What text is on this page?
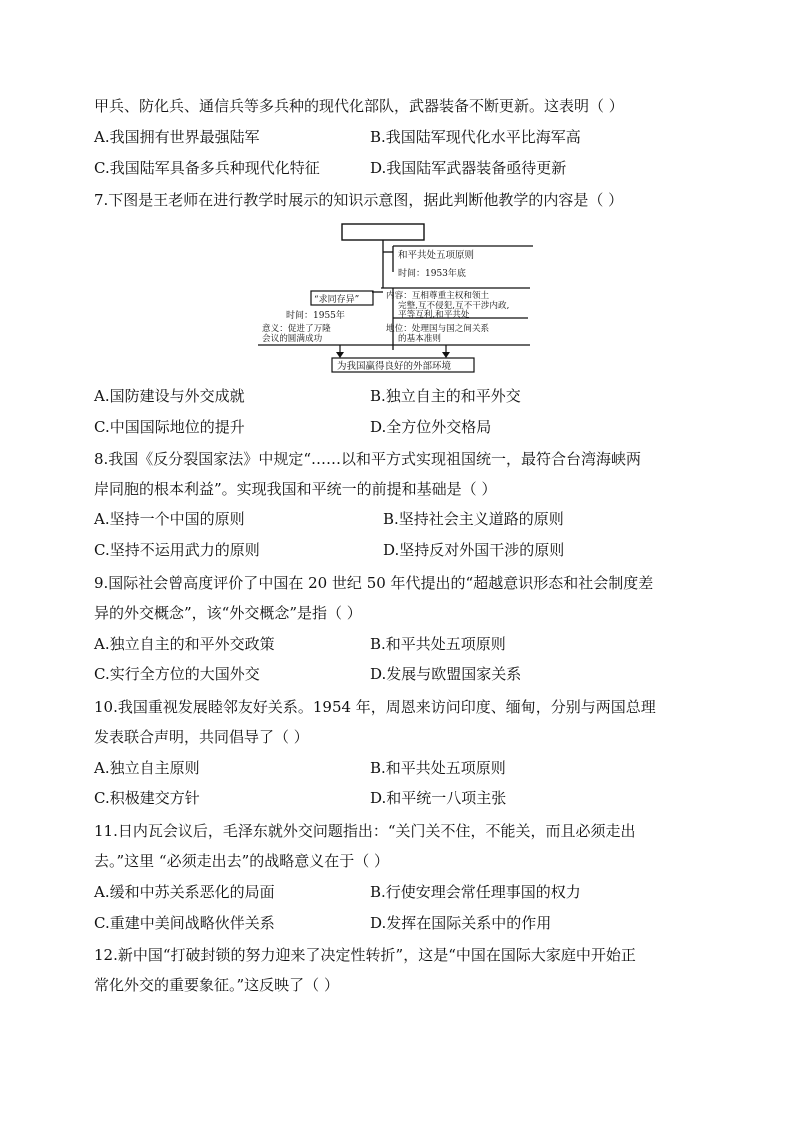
甲兵、防化兵、通信兵等多兵种的现代化部队，武器装备不断更新。这表明（ ）
A.我国拥有世界最强陆军	B.我国陆军现代化水平比海军高
C.我国陆军具备多兵种现代化特征	D.我国陆军武器装备亟待更新
7.下图是王老师在进行教学时展示的知识示意图，据此判断他教学的内容是（ ）
和平共处五项原则
时间：1953年底
内容：互相尊重主权和领土
完整,互不侵犯,互不干涉内政,
平等互利,和平共处
地位：处理国与国之间关系
的基本准则
“求同存异”
时间：1955年
意义：促进了万隆
会议的圆满成功
为我国赢得良好的外部环境
A.国防建设与外交成就	B.独立自主的和平外交
C.中国国际地位的提升	D.全方位外交格局
8.我国《反分裂国家法》中规定“……以和平方式实现祖国统一，最符合台湾海峡两
岸同胞的根本利益”。实现我国和平统一的前提和基础是（ ）
A.坚持一个中国的原则	B.坚持社会主义道路的原则
C.坚持不运用武力的原则	D.坚持反对外国干涉的原则
9.国际社会曾高度评价了中国在 20 世纪 50 年代提出的“超越意识形态和社会制度差
异的外交概念”，该“外交概念”是指（ ）
A.独立自主的和平外交政策	B.和平共处五项原则
C.实行全方位的大国外交	D.发展与欧盟国家关系
10.我国重视发展睦邻友好关系。1954 年，周恩来访问印度、缅甸，分别与两国总理
发表联合声明，共同倡导了（ ）
A.独立自主原则	B.和平共处五项原则
C.积极建交方针	D.和平统一八项主张
11.日内瓦会议后，毛泽东就外交问题指出：“关门关不住，不能关，而且必须走出
去。”这里 “必须走出去”的战略意义在于（ ）
A.缓和中苏关系恶化的局面	B.行使安理会常任理事国的权力
C.重建中美间战略伙伴关系	D.发挥在国际关系中的作用
12.新中国“打破封锁的努力迎来了决定性转折”，这是“中国在国际大家庭中开始正
常化外交的重要象征。”这反映了（ ）
